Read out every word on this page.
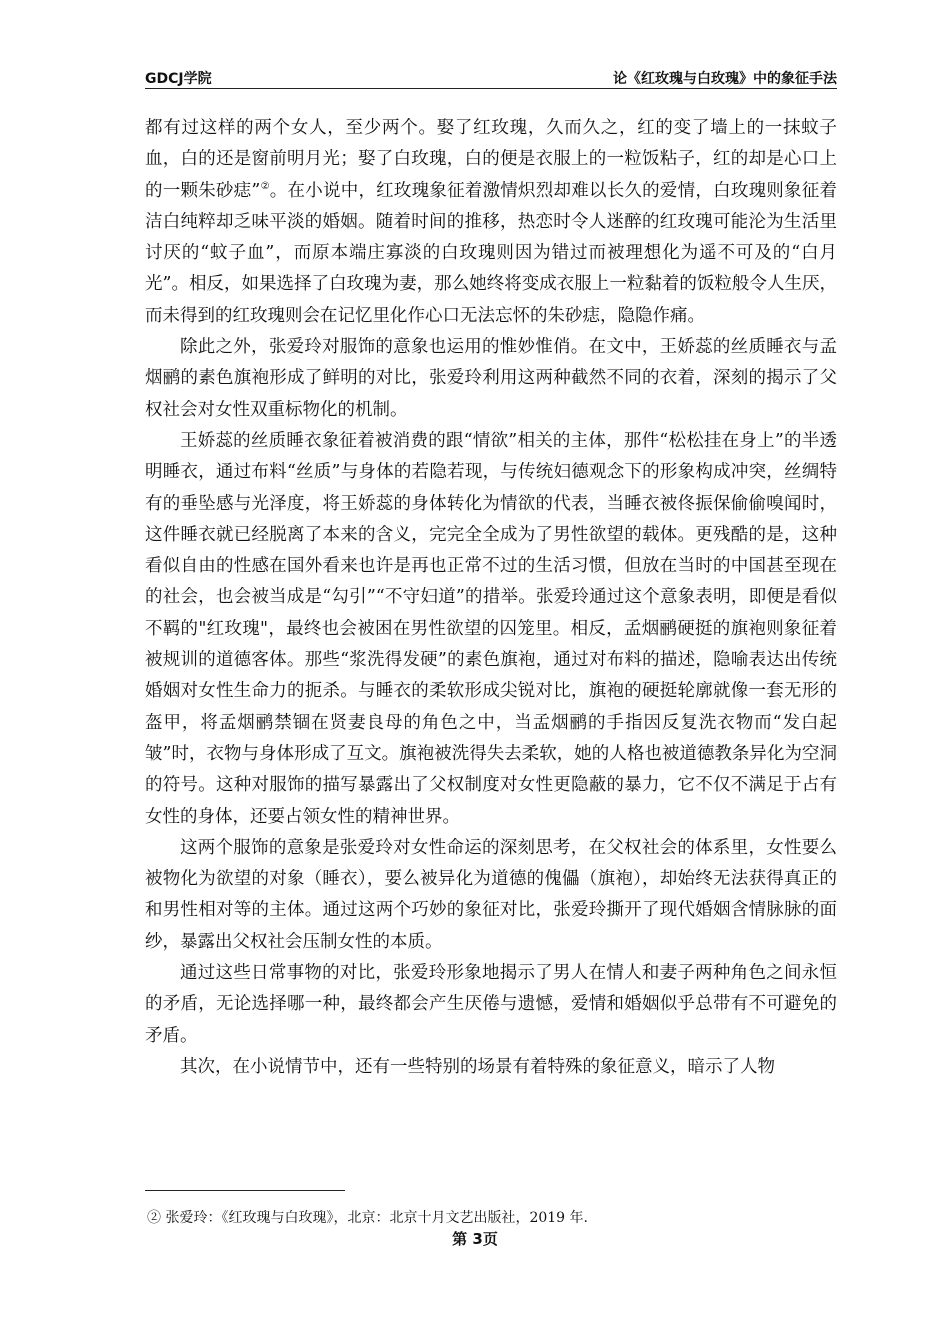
GDCJ学院	论《红玫瑰与白玫瑰》中的象征手法

都有过这样的两个女人，至少两个。娶了红玫瑰，久而久之，红的变了墙上的一抹蚊子血，白的还是窗前明月光；娶了白玫瑰，白的便是衣服上的一粒饭粘子，红的却是心口上的一颗朱砂痣”②。在小说中，红玫瑰象征着激情炽烈却难以长久的爱情，白玫瑰则象征着洁白纯粹却乏味平淡的婚姻。随着时间的推移，热恋时令人迷醉的红玫瑰可能沦为生活里讨厌的“蚊子血”，而原本端庄寡淡的白玫瑰则因为错过而被理想化为遥不可及的“白月光”。相反，如果选择了白玫瑰为妻，那么她终将变成衣服上一粒黏着的饭粒般令人生厌，而未得到的红玫瑰则会在记忆里化作心口无法忘怀的朱砂痣，隐隐作痛。

除此之外，张爱玲对服饰的意象也运用的惟妙惟俏。在文中，王娇蕊的丝质睡衣与孟烟鹂的素色旗袍形成了鲜明的对比，张爱玲利用这两种截然不同的衣着，深刻的揭示了父权社会对女性双重标物化的机制。

王娇蕊的丝质睡衣象征着被消费的跟“情欲”相关的主体，那件“松松挂在身上”的半透明睡衣，通过布料“丝质”与身体的若隐若现，与传统妇德观念下的形象构成冲突，丝绸特有的垂坠感与光泽度，将王娇蕊的身体转化为情欲的代表，当睡衣被佟振保偷偷嗅闻时，这件睡衣就已经脱离了本来的含义，完完全全成为了男性欲望的载体。更残酷的是，这种看似自由的性感在国外看来也许是再也正常不过的生活习惯，但放在当时的中国甚至现在的社会，也会被当成是“勾引”“不守妇道”的措举。张爱玲通过这个意象表明，即便是看似不羁的"红玫瑰"，最终也会被困在男性欲望的囚笼里。相反，孟烟鹂硬挺的旗袍则象征着被规训的道德客体。那些“浆洗得发硬”的素色旗袍，通过对布料的描述，隐喻表达出传统婚姻对女性生命力的扼杀。与睡衣的柔软形成尖锐对比，旗袍的硬挺轮廓就像一套无形的盔甲，将孟烟鹂禁锢在贤妻良母的角色之中，当孟烟鹂的手指因反复洗衣物而“发白起皱”时，衣物与身体形成了互文。旗袍被洗得失去柔软，她的人格也被道德教条异化为空洞的符号。这种对服饰的描写暴露出了父权制度对女性更隐蔽的暴力，它不仅不满足于占有女性的身体，还要占领女性的精神世界。

这两个服饰的意象是张爱玲对女性命运的深刻思考，在父权社会的体系里，女性要么被物化为欲望的对象（睡衣），要么被异化为道德的傀儡（旗袍），却始终无法获得真正的和男性相对等的主体。通过这两个巧妙的象征对比，张爱玲撕开了现代婚姻含情脉脉的面纱，暴露出父权社会压制女性的本质。

通过这些日常事物的对比，张爱玲形象地揭示了男人在情人和妻子两种角色之间永恒的矛盾，无论选择哪一种，最终都会产生厌倦与遗憾，爱情和婚姻似乎总带有不可避免的矛盾。

其次，在小说情节中，还有一些特别的场景有着特殊的象征意义，暗示了人物

② 张爱玲：《红玫瑰与白玫瑰》，北京：北京十月文艺出版社，2019 年.
第 3页
